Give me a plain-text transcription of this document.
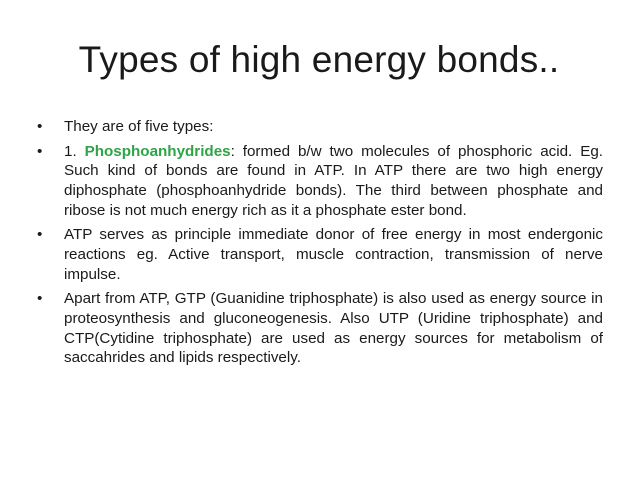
Types of high energy bonds..
•	They are of five types:
•	1. Phosphoanhydrides: formed b/w two molecules of phosphoric acid. Eg. Such kind of bonds are found in ATP. In ATP there are two high energy diphosphate (phosphoanhydride bonds). The third between phosphate and ribose is not much energy rich as it a phosphate ester bond.
•	ATP serves as principle immediate donor of free energy in most endergonic reactions eg. Active transport, muscle contraction, transmission of nerve impulse.
•	Apart from ATP, GTP (Guanidine triphosphate) is also used as energy source in proteosynthesis and gluconeogenesis. Also UTP (Uridine triphosphate) and CTP(Cytidine triphosphate) are used as energy sources for metabolism of saccahrides and lipids respectively.
